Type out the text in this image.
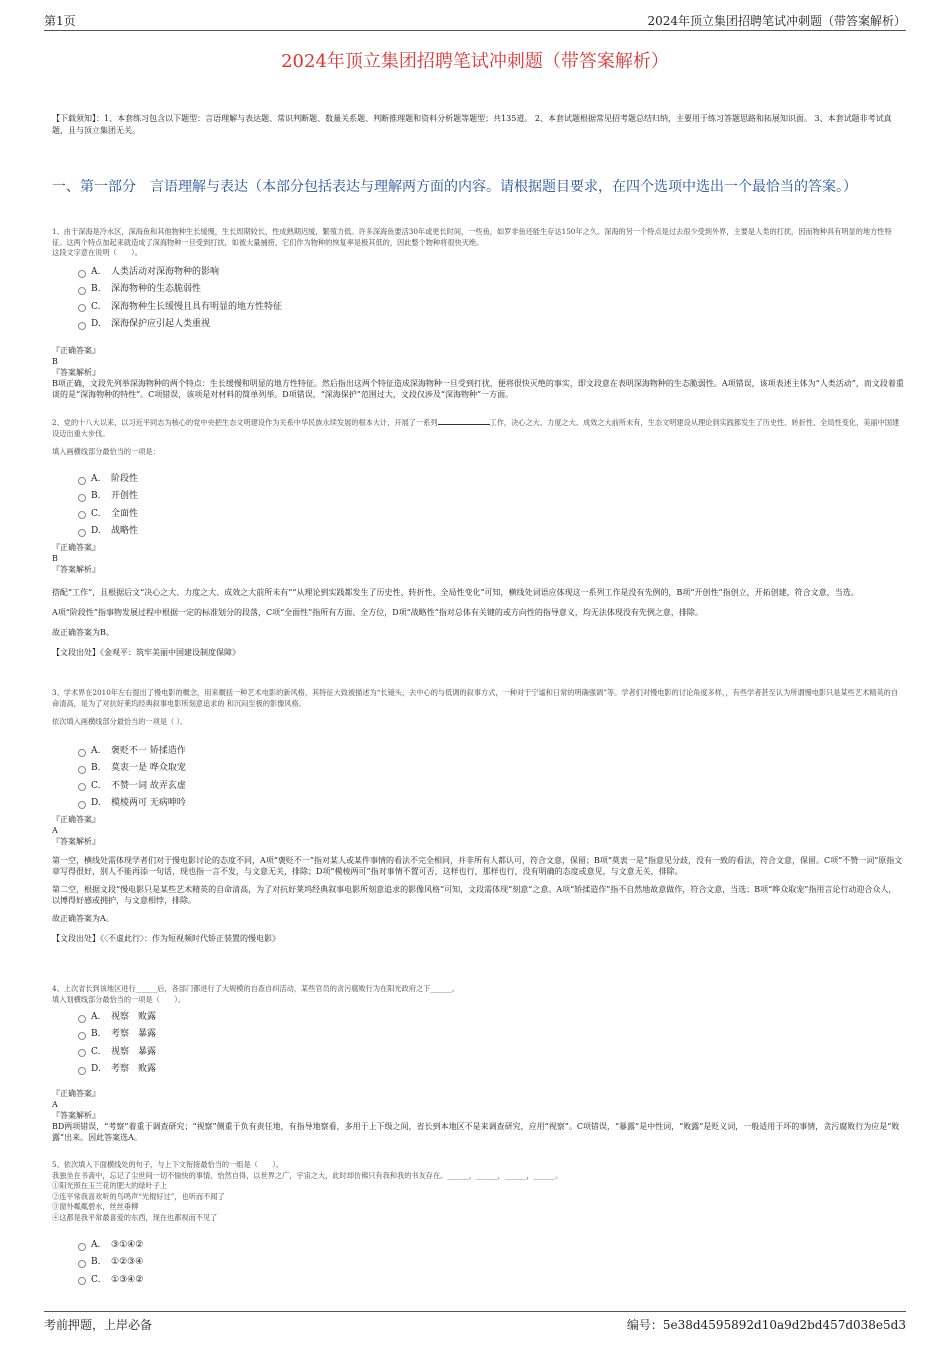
第1页	2024年顶立集团招聘笔试冲刺题（带答案解析）
2024年顶立集团招聘笔试冲刺题（带答案解析）
【下载须知】：1、本套练习包含以下题型：言语理解与表达题、常识判断题、数量关系题、判断推理题和资料分析题等题型；共135道。 2、本套试题根据常见招考题总结归纳，主要用于练习答题思路和拓展知识面。 3、本套试题非考试真题，且与顶立集团无关。
一、第一部分　言语理解与表达（本部分包括表达与理解两方面的内容。请根据题目要求，在四个选项中选出一个最恰当的答案。）
1、由于深海是冷水区，深海鱼和其他物种生长缓慢，生长周期较长，性成熟期迟缓，繁殖力低。许多深海鱼要活30年或更长时间，一些鱼，如罗非鱼还能生存达150年之久。深海的另一个特点是过去很少受到外界，主要是人类的打扰，因而物种具有明显的地方性特征。这两个特点加起来就造成了深海物种一旦受到打扰，如被大量捕捞，它们作为物种的恢复率是极其低的，因此整个物种将很快灭绝。
这段文字意在说明（　　）。
A.	人类活动对深海物种的影响
B.	深海物种的生态脆弱性
C.	深海物种生长缓慢且具有明显的地方性特征
D.	深海保护应引起人类重视
『正确答案』
B
『答案解析』
B项正确，文段先列举深海物种的两个特点：生长缓慢和明显的地方性特征。然后指出这两个特征造成深海物种一旦受到打扰，便将很快灭绝的事实，即文段意在表明深海物种的生态脆弱性。A项错误，该项表述主体为“人类活动”，而文段着重谈的是“深海物种的特性”。C项错误，该项是对材料的简单列举。D项错误，“深海保护”范围过大，文段仅涉及“深海物种”一方面。
2、党的十八大以来，以习近平同志为核心的党中央把生态文明建设作为关系中华民族永续发展的根本大计，开展了一系列	工作，决心之大、力度之大、成效之大前所未有，生态文明建设从理论到实践都发生了历史性、转折性、全局性变化，美丽中国建设迈出重大步伐。
填入画横线部分最恰当的一项是：
A.	阶段性
B.	开创性
C.	全面性
D.	战略性
『正确答案』
B
『答案解析』
搭配“工作”，且根据后文“决心之大、力度之大、成效之大前所未有”“从理论到实践都发生了历史性、转折性、全局性变化”可知，横线处词语应体现这一系列工作是没有先例的，B项“开创性”指创立，开拓创建，符合文意，当选。
A项“阶段性”指事物发展过程中根据一定的标准划分的段落，C项“全面性”指所有方面、全方位，D项“战略性”指对总体有关键的或方向性的指导意义，均无法体现没有先例之意，排除。
故正确答案为B。
【文段出处】《金观平：筑牢美丽中国建设制度保障》
3、学术界在2010年左右提出了慢电影的概念，用来概括一种艺术电影的新风格，其特征大致被描述为“长镜头，去中心的与低调的叙事方式，一种对于宁谧和日常的明确强调”等。学者们对慢电影的讨论角度多样，，有些学者甚至认为所谓慢电影只是某些艺术精英的自命清高，是为了对抗好莱坞经典叙事电影所刻意追求的 和沉闷至极的影像风格。
依次填入画横线部分最恰当的一项是（ ）。
A.	褒贬不一 矫揉造作
B.	莫衷一是 哗众取宠
C.	不赞一词 故弄玄虚
D.	模棱两可 无病呻吟
『正确答案』
A
『答案解析』
第一空，横线处需体现学者们对于慢电影讨论的态度不同，A项“褒贬不一”指对某人或某件事情的看法不完全相同，并非所有人都认可，符合文意，保留；B项“莫衷一是”指意见分歧，没有一致的看法，符合文意，保留。C项“不赞一词”原指文章写得很好，别人不能再添一句话，现也指一言不发，与文意无关，排除；D项“模棱两可”指对事情不置可否，这样也行，那样也行，没有明确的态度或意见，与文意无关，排除。
第二空，根据文段“慢电影只是某些艺术精英的自命清高，为了对抗好莱坞经典叙事电影所刻意追求的影像风格”可知，文段需体现“刻意”之意。A项“矫揉造作”指不自然地故意做作，符合文意，当选；B项“哗众取宠”指用言论行动迎合众人，以博得好感或拥护，与文意相悖，排除。
故正确答案为A。
【文段出处】《〈不虚此行〉：作为短视频时代矫正装置的慢电影》
4、上次省长到该地区进行______后，各部门都进行了大规模的自查自纠活动，某些官员的贪污腐败行为在阳光政府之下______。
填入划横线部分最恰当的一项是（　　）。
A.	视察　败露
B.	考察　暴露
C.	视察　暴露
D.	考察　败露
『正确答案』
A
『答案解析』
BD两项错误，“考察”着重于调查研究；“视察”侧重于负有责任地，有指导地察看，多用于上下级之间，省长到本地区不是来调查研究，应用“视察”。C项错误，“暴露”是中性词，“败露”是贬义词，一般适用于坏的事情，贪污腐败行为应是“败露”出来。因此答案选A。
5、依次填入下面横线处的句子，与上下文衔接最恰当的一组是（　　）。
我独坐在书斋中，忘记了尘世间一切不愉快的事情，怡然自得，以世界之广，宇宙之大，此时却仿佛只有我和我的书友存在。______，______，______，______。
①阳光照在玉兰花的肥大的绿叶子上
②连平常我喜欢听的鸟鸣声“光棍好过”，也听而不闻了
③窗外粼粼碧水，丝丝垂柳
④这都是我平常最喜爱的东西，现在也都视而不见了
A.	③①④②
B.	①②③④
C.	①③④②
考前押题，上岸必备	编号：5e38d4595892d10a9d2bd457d038e5d3
